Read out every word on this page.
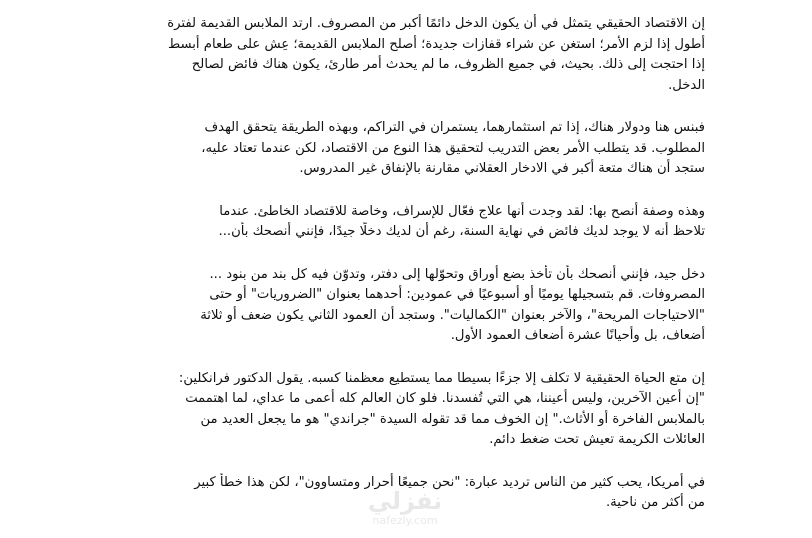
إن الاقتصاد الحقيقي يتمثل في أن يكون الدخل دائمًا أكبر من المصروف. ارتد الملابس القديمة لفترة
أطول إذا لزم الأمر؛ استغن عن شراء قفازات جديدة؛ أصلح الملابس القديمة؛ عِش على طعام أبسط
إذا احتجت إلى ذلك. بحيث، في جميع الظروف، ما لم يحدث أمر طارئ، يكون هناك فائض لصالح
الدخل.

فبنس هنا ودولار هناك، إذا تم استثمارهما، يستمران في التراكم، وبهذه الطريقة يتحقق الهدف
المطلوب. قد يتطلب الأمر بعض التدريب لتحقيق هذا النوع من الاقتصاد، لكن عندما تعتاد عليه،
ستجد أن هناك متعة أكبر في الادخار العقلاني مقارنة بالإنفاق غير المدروس.

وهذه وصفة أنصح بها: لقد وجدت أنها علاج فعّال للإسراف، وخاصة للاقتصاد الخاطئ. عندما
تلاحظ أنه لا يوجد لديك فائض في نهاية السنة، رغم أن لديك دخلًا جيدًا، فإنني أنصحك بأن...

دخل جيد، فإنني أنصحك بأن تأخذ بضع أوراق وتحوّلها إلى دفتر، وتدوّن فيه كل بند من بنود ...
المصروفات. قم بتسجيلها يوميًا أو أسبوعيًا في عمودين: أحدهما بعنوان "الضروريات" أو حتى
"الاحتياجات المريحة"، والآخر بعنوان "الكماليات". وستجد أن العمود الثاني يكون ضعف أو ثلاثة
أضعاف، بل وأحيانًا عشرة أضعاف العمود الأول.

إن متع الحياة الحقيقية لا تكلف إلا جزءًا بسيطا مما يستطيع معظمنا كسبه. يقول الدكتور فرانكلين:
"إن أعين الآخرين، وليس أعيننا، هي التي تُفسدنا. فلو كان العالم كله أعمى ما عداي، لما اهتممت
بالملابس الفاخرة أو الأثاث." إن الخوف مما قد تقوله السيدة "جراندي" هو ما يجعل العديد من
العائلات الكريمة تعيش تحت ضغط دائم.

في أمريكا، يحب كثير من الناس ترديد عبارة: "نحن جميعًا أحرار ومتساوون"، لكن هذا خطأ كبير
من أكثر من ناحية.

نفزلي
nafezly.com
